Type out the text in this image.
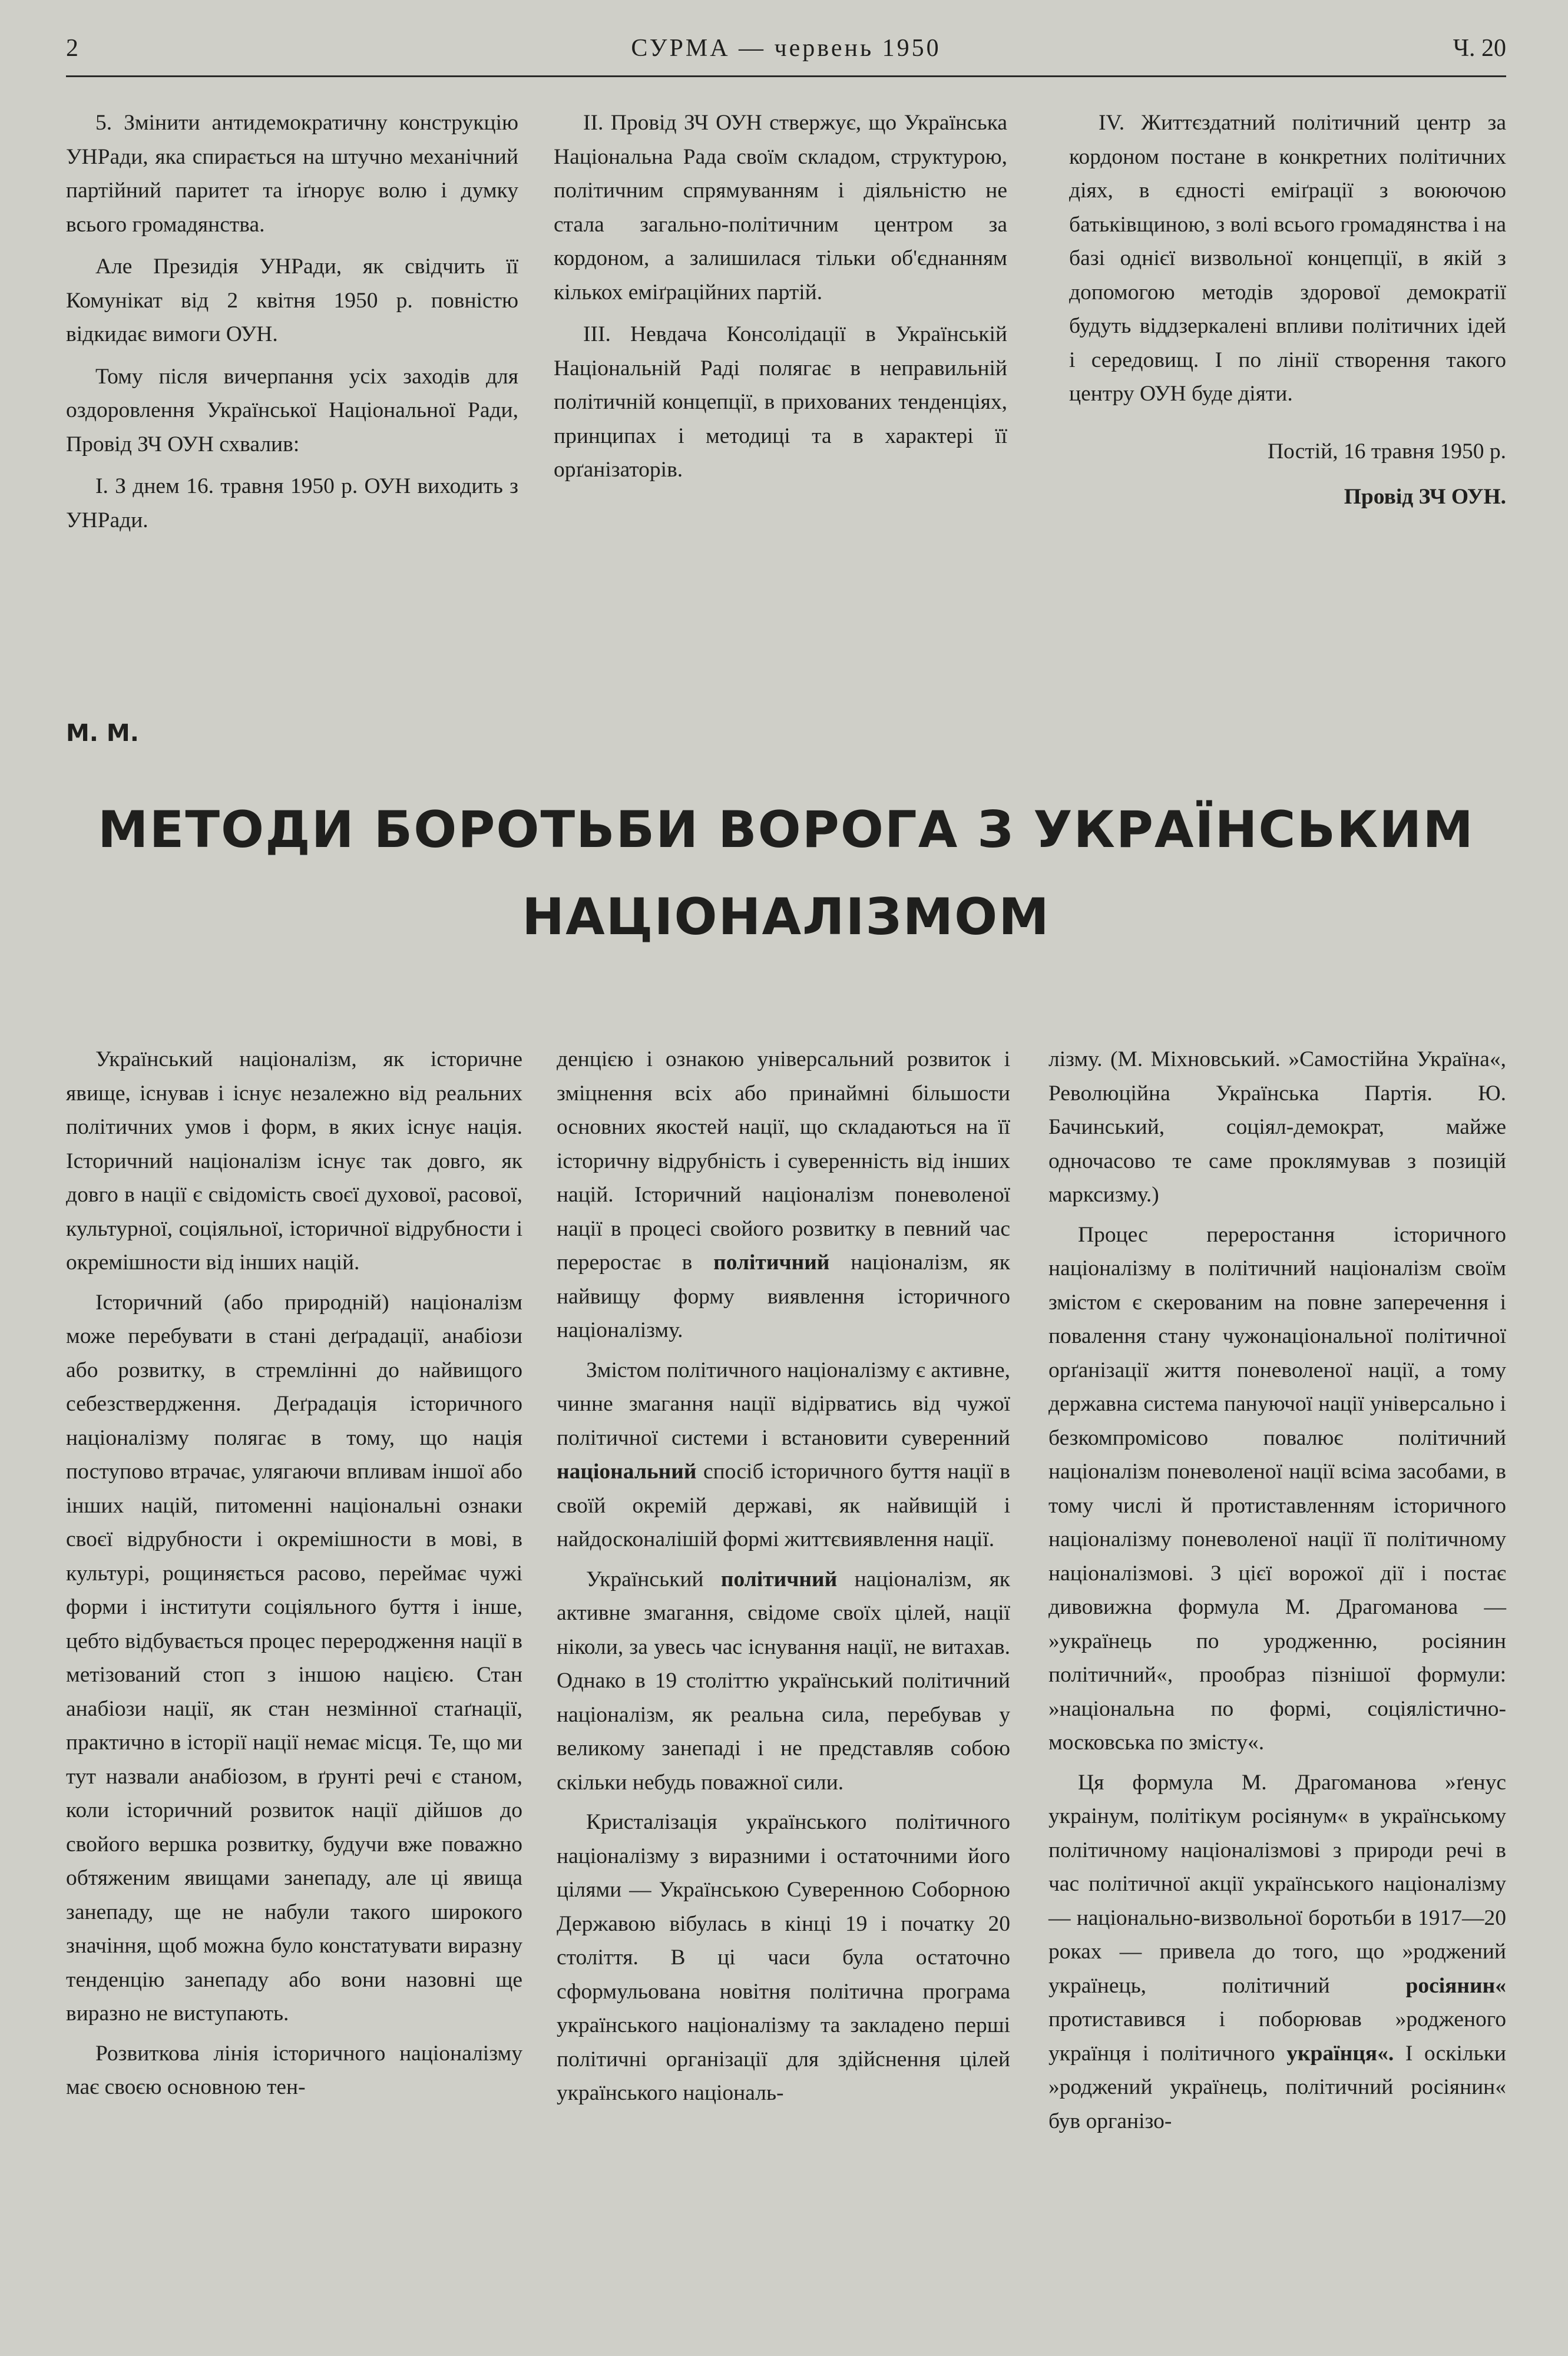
2	СУРМА — червень 1950	Ч. 20

5. Змінити антидемократичну конструкцію УНРади, яка спирається на штучно механічний партійний паритет та іґнорує волю і думку всього громадянства.

Але Президія УНРади, як свідчить її Комунікат від 2 квітня 1950 р. повністю відкидає вимоги ОУН.

Тому після вичерпання усіх заходів для оздоровлення Української Національної Ради, Провід ЗЧ ОУН схвалив:

І. З днем 16. травня 1950 р. ОУН виходить з УНРади.

II. Провід ЗЧ ОУН ствержує, що Українська Національна Рада своїм складом, структурою, політичним спрямуванням і діяльністю не стала загально-політичним центром за кордоном, а залишилася тільки об'єднанням кількох еміґраційних партій.

III. Невдача Консолідації в Українській Національній Раді полягає в неправильній політичній концепції, в прихованих тенденціях, принципах і методиці та в характері її орґанізаторів.

IV. Життєздатний політичний центр за кордоном постане в конкретних політичних діях, в єдності еміґрації з воюючою батьківщиною, з волі всього громадянства і на базі однієї визвольної концепції, в якій з допомогою методів здорової демократії будуть віддзеркалені впливи політичних ідей і середовищ. І по лінії створення такого центру ОУН буде діяти.

Постій, 16 травня 1950 р.

Провід ЗЧ ОУН.

М. М.
МЕТОДИ БОРОТЬБИ ВОРОГА З УКРАЇНСЬКИМ
НАЦІОНАЛІЗМОМ

Український націоналізм, як історичне явище, існував і існує незалежно від реальних політичних умов і форм, в яких існує нація. Історичний націоналізм існує так довго, як довго в нації є свідомість своєї духової, расової, культурної, соціяльної, історичної відрубности і окремішности від інших націй.

Історичний (або природній) націоналізм може перебувати в стані деґрадації, анабіози або розвитку, в стремлінні до найвищого себезствердження. Деґрадація історичного націоналізму полягає в тому, що нація поступово втрачає, улягаючи впливам іншої або інших націй, питоменні національні ознаки своєї відрубности і окремішности в мові, в культурі, рощиняється расово, переймає чужі форми і інститути соціяльного буття і інше, цебто відбувається процес переродження нації в метізований стоп з іншою нацією. Стан анабіози нації, як стан незмінної стаґнації, практично в історії нації немає місця. Те, що ми тут назвали анабіозом, в ґрунті речі є станом, коли історичний розвиток нації дійшов до свойого вершка розвитку, будучи вже поважно обтяженим явищами занепаду, але ці явища занепаду, ще не набули такого широкого значіння, щоб можна було констатувати виразну тенденцію занепаду або вони назовні ще виразно не виступають.

Розвиткова лінія історичного націоналізму має своєю основною тен-

денцією і ознакою універсальний розвиток і зміцнення всіх або принаймні більшости основних якостей нації, що складаються на її історичну відрубність і суверенність від інших націй. Історичний націоналізм поневоленої нації в процесі свойого розвитку в певний час переростає в політичний націоналізм, як найвищу форму виявлення історичного націоналізму.

Змістом політичного націоналізму є активне, чинне змагання нації відірватись від чужої політичної системи і встановити суверенний національний спосіб історичного буття нації в своїй окремій державі, як найвищій і найдосконалішій формі життєвиявлення нації.

Український політичний націоналізм, як активне змагання, свідоме своїх цілей, нації ніколи, за увесь час існування нації, не витахав. Однако в 19 століттю український політичний націоналізм, як реальна сила, перебував у великому занепаді і не представляв собою скільки небудь поважної сили.

Кристалізація українського політичного націоналізму з виразними і остаточними його цілями — Українською Суверенною Соборною Державою вібулась в кінці 19 і початку 20 століття. В ці часи була остаточно сформульована новітня політична програма українського націоналізму та закладено перші політичні організації для здійснення цілей українського національ-

лізму. (М. Міхновський. »Самостійна Україна«, Революційна Українська Партія. Ю. Бачинський, соціял-демократ, майже одночасово те саме проклямував з позицій марксизму.)

Процес переростання історичного націоналізму в політичний націоналізм своїм змістом є скерованим на повне заперечення і повалення стану чужонаціональної політичної орґанізації життя поневоленої нації, а тому державна система пануючої нації універсально і безкомпромісово повалює політичний націоналізм поневоленої нації всіма засобами, в тому числі й протиставленням історичного націоналізму поневоленої нації її політичному націоналізмові. З цієї ворожої дії і постає дивовижна формула М. Драгоманова — »українець по уродженню, росіянин політичний«, прообраз пізнішої формули: »національна по формі, соціялістично-московська по змісту«.

Ця формула М. Драгоманова »ґенус украінум, політікум росіянум« в українському політичному націоналізмові з природи речі в час політичної акції українського націоналізму — національно-визвольної боротьби в 1917—20 роках — привела до того, що »роджений українець, політичний	росіянин« протиставився і поборював »родженого українця і політичного українця«. І оскільки »роджений українець, політичний росіянин« був організо-
